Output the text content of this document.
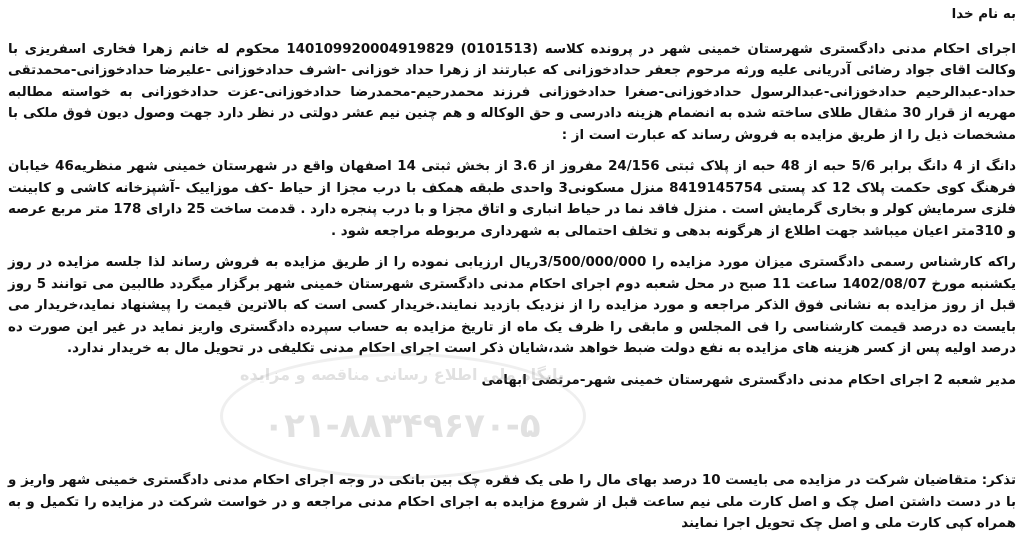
به نام خدا

اجرای احکام مدنی دادگستری شهرستان خمینی شهر در پرونده کلاسه (0101513) 140109920004919829 محکوم له خانم زهرا فخاری اسفریزی با وکالت اقای جواد رضائی آدریانی علیه ورثه مرحوم جعفر حدادخوزانی که عبارتند از زهرا حداد خوزانی -اشرف حدادخوزانی -علیرضا حدادخوزانی-محمدتقی حداد-عبدالرحیم حدادخوزانی-عبدالرسول حدادخوزانی-صغرا حدادخوزانی فرزند محمدرحیم-محمدرضا حدادخوزانی-عزت حدادخوزانی به خواسته مطالبه مهریه از قرار 30 مثقال طلای ساخته شده به انضمام هزینه دادرسی و حق الوکاله و هم چنین نیم عشر دولتی در نظر دارد جهت وصول دیون فوق ملکی با مشخصات ذیل را از طریق مزایده به فروش رساند که عبارت است از :

دانگ از 4 دانگ برابر 5/6 حبه از 48 حبه از پلاک ثبتی 24/156 مفروز از 3.6 از بخش ثبتی 14 اصفهان واقع در شهرستان خمینی شهر منظریه46 خیابان فرهنگ کوی حکمت پلاک 12 کد پستی 8419145754 منزل مسکونی3 واحدی طبقه همکف با درب مجزا از حیاط -کف موزاییک -آشپزخانه کاشی و کابینت فلزی سرمایش کولر و بخاری گرمایش است . منزل فاقد نما در حیاط انباری و اتاق مجزا و با درب پنجره دارد . قدمت ساخت 25 دارای 178 متر مربع عرصه و 310متر اعیان میباشد جهت اطلاع از هرگونه بدهی و تخلف احتمالی به شهرداری مربوطه مراجعه شود .

راکه کارشناس رسمی دادگستری میزان مورد مزایده را 3/500/000/000ریال ارزیابی نموده را از طریق مزایده به فروش رساند لذا جلسه مزایده در روز یکشنبه مورخ 1402/08/07 ساعت 11 صبح در محل شعبه دوم اجرای احکام مدنی دادگستری شهرستان خمینی شهر برگزار میگردد طالبین می توانند 5 روز قبل از روز مزایده به نشانی فوق الذکر مراجعه و مورد مزایده را از نزدیک بازدید نمایند.خریدار کسی است که بالاترین قیمت را پیشنهاد نماید،خریدار می بایست ده درصد قیمت کارشناسی را فی المجلس و مابقی را ظرف یک ماه از تاریخ مزایده به حساب سپرده دادگستری واریز نماید در غیر این صورت ده درصد اولیه پس از کسر هزینه های مزایده به نفع دولت ضبط خواهد شد،شایان ذکر است اجرای احکام مدنی تکلیفی در تحویل مال به خریدار ندارد.

مدیر شعبه 2 اجرای احکام مدنی دادگستری شهرستان خمینی شهر-مرتضی ابهامی

تذکر: متقاضیان شرکت در مزایده می بایست 10 درصد بهای مال را طی یک فقره چک بین بانکی در وجه اجرای احکام مدنی دادگستری خمینی شهر واریز و با در دست داشتن اصل چک و اصل کارت ملی نیم ساعت قبل از شروع مزایده به اجرای احکام مدنی مراجعه و در خواست شرکت در مزایده را تکمیل و به همراه کپی کارت ملی و اصل چک تحویل اجرا نمایند

پایگاه ملی اطلاع رسانی مناقصه و مزایده
۰۲۱-۸۸۳۴۹۶۷۰-۵
